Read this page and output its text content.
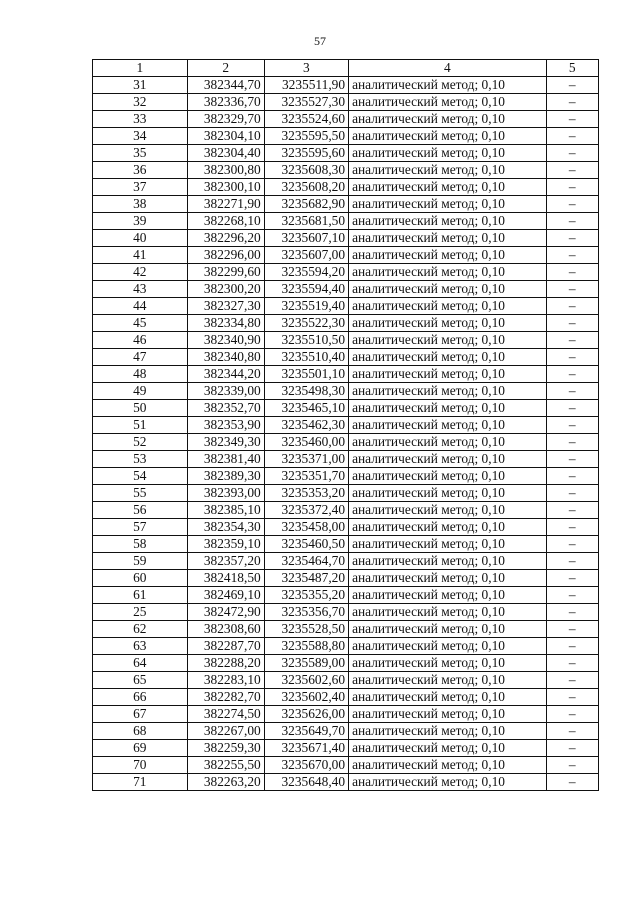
57
1	2	3	4	5
31	382344,70	3235511,90	аналитический метод; 0,10	–
32	382336,70	3235527,30	аналитический метод; 0,10	–
33	382329,70	3235524,60	аналитический метод; 0,10	–
34	382304,10	3235595,50	аналитический метод; 0,10	–
35	382304,40	3235595,60	аналитический метод; 0,10	–
36	382300,80	3235608,30	аналитический метод; 0,10	–
37	382300,10	3235608,20	аналитический метод; 0,10	–
38	382271,90	3235682,90	аналитический метод; 0,10	–
39	382268,10	3235681,50	аналитический метод; 0,10	–
40	382296,20	3235607,10	аналитический метод; 0,10	–
41	382296,00	3235607,00	аналитический метод; 0,10	–
42	382299,60	3235594,20	аналитический метод; 0,10	–
43	382300,20	3235594,40	аналитический метод; 0,10	–
44	382327,30	3235519,40	аналитический метод; 0,10	–
45	382334,80	3235522,30	аналитический метод; 0,10	–
46	382340,90	3235510,50	аналитический метод; 0,10	–
47	382340,80	3235510,40	аналитический метод; 0,10	–
48	382344,20	3235501,10	аналитический метод; 0,10	–
49	382339,00	3235498,30	аналитический метод; 0,10	–
50	382352,70	3235465,10	аналитический метод; 0,10	–
51	382353,90	3235462,30	аналитический метод; 0,10	–
52	382349,30	3235460,00	аналитический метод; 0,10	–
53	382381,40	3235371,00	аналитический метод; 0,10	–
54	382389,30	3235351,70	аналитический метод; 0,10	–
55	382393,00	3235353,20	аналитический метод; 0,10	–
56	382385,10	3235372,40	аналитический метод; 0,10	–
57	382354,30	3235458,00	аналитический метод; 0,10	–
58	382359,10	3235460,50	аналитический метод; 0,10	–
59	382357,20	3235464,70	аналитический метод; 0,10	–
60	382418,50	3235487,20	аналитический метод; 0,10	–
61	382469,10	3235355,20	аналитический метод; 0,10	–
25	382472,90	3235356,70	аналитический метод; 0,10	–
62	382308,60	3235528,50	аналитический метод; 0,10	–
63	382287,70	3235588,80	аналитический метод; 0,10	–
64	382288,20	3235589,00	аналитический метод; 0,10	–
65	382283,10	3235602,60	аналитический метод; 0,10	–
66	382282,70	3235602,40	аналитический метод; 0,10	–
67	382274,50	3235626,00	аналитический метод; 0,10	–
68	382267,00	3235649,70	аналитический метод; 0,10	–
69	382259,30	3235671,40	аналитический метод; 0,10	–
70	382255,50	3235670,00	аналитический метод; 0,10	–
71	382263,20	3235648,40	аналитический метод; 0,10	–
